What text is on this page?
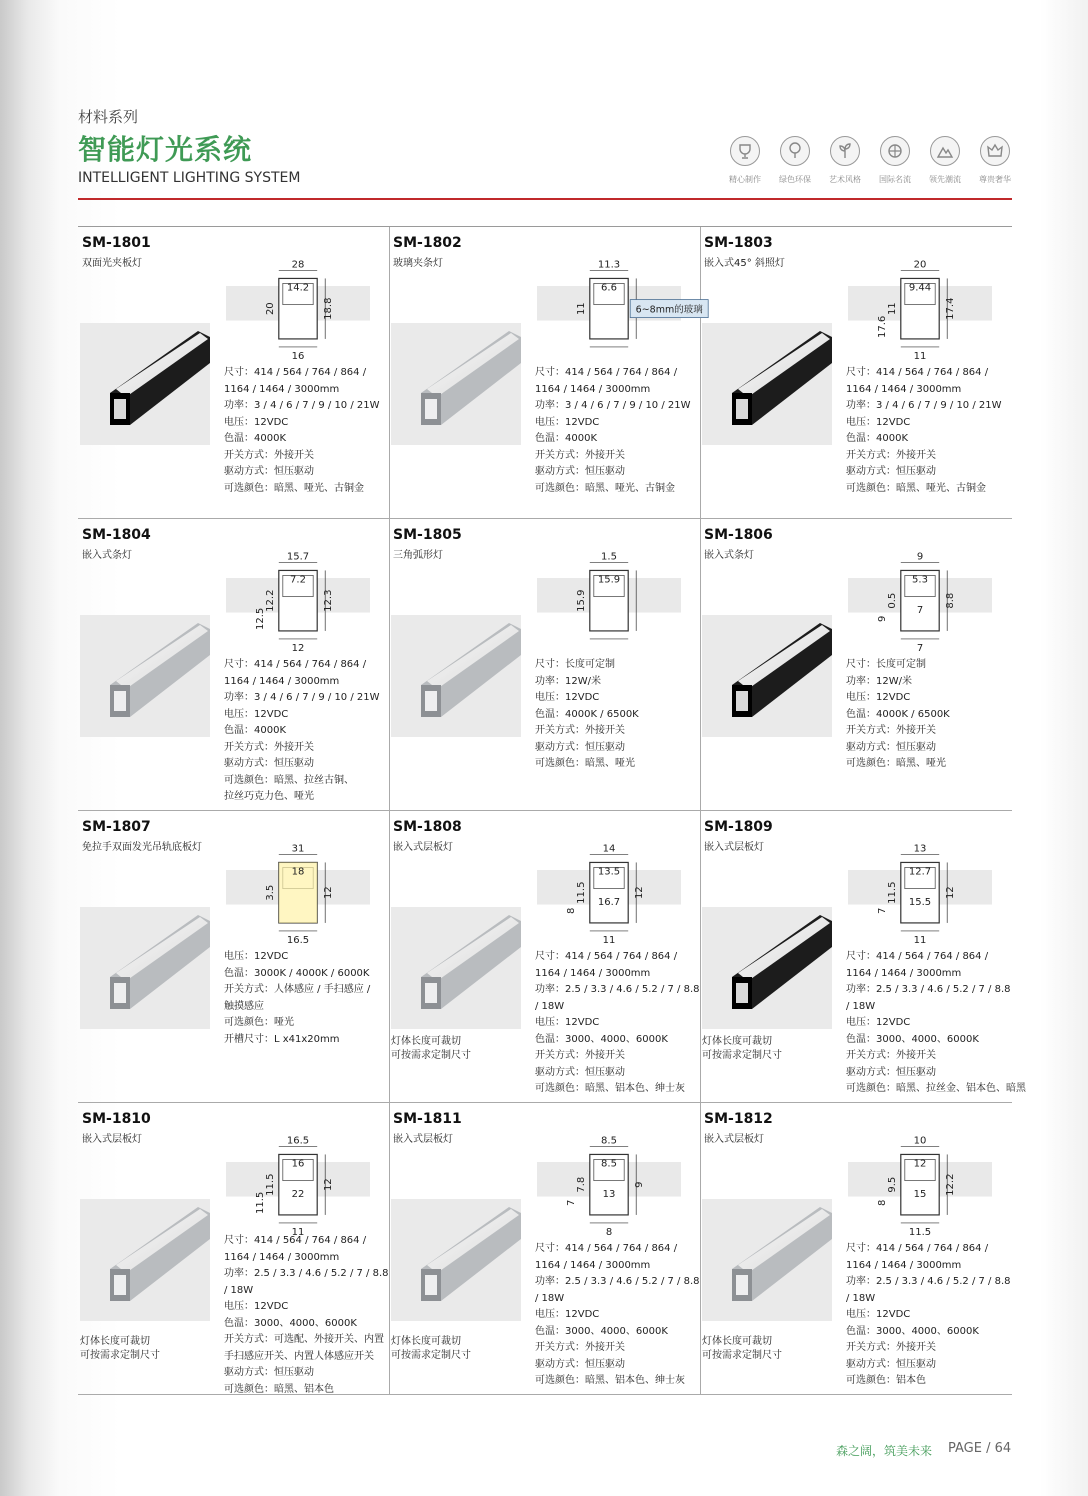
材料系列
智能灯光系统
INTELLIGENT LIGHTING SYSTEM	精心制作	绿色环保	艺术风格	国际名流	领先潮流	尊贵奢华
SM-1801
双面光夹板灯	28
14.2
20	18.8
16
尺寸：414 / 564 / 764 / 864 /
1164 / 1464 / 3000mm
功率：3 / 4 / 6 / 7 / 9 / 10 / 21W
电压：12VDC
色温：4000K
开关方式：外接开关
驱动方式：恒压驱动
可选颜色：暗黑、哑光、古铜金
SM-1802
玻璃夹条灯	11.3
6.6
11	6~8mm的玻璃
尺寸：414 / 564 / 764 / 864 /
1164 / 1464 / 3000mm
功率：3 / 4 / 6 / 7 / 9 / 10 / 21W
电压：12VDC
色温：4000K
开关方式：外接开关
驱动方式：恒压驱动
可选颜色：暗黑、哑光、古铜金
SM-1803
嵌入式45° 斜照灯	20
9.44
11	17.4
11
17.6
尺寸：414 / 564 / 764 / 864 /
1164 / 1464 / 3000mm
功率：3 / 4 / 6 / 7 / 9 / 10 / 21W
电压：12VDC
色温：4000K
开关方式：外接开关
驱动方式：恒压驱动
可选颜色：暗黑、哑光、古铜金
SM-1804
嵌入式条灯	15.7
7.2
12.2	12.3
12
12.5
尺寸：414 / 564 / 764 / 864 /
1164 / 1464 / 3000mm
功率：3 / 4 / 6 / 7 / 9 / 10 / 21W
电压：12VDC
色温：4000K
开关方式：外接开关
驱动方式：恒压驱动
可选颜色：暗黑、拉丝古铜、
拉丝巧克力色、哑光
SM-1805
三角弧形灯	1.5
15.9
15.9
尺寸：长度可定制
功率：12W/米
电压：12VDC
色温：4000K / 6500K
开关方式：外接开关
驱动方式：恒压驱动
可选颜色：暗黑、哑光
SM-1806
嵌入式条灯	9
5.3
0.5	8.8
7
9
7
尺寸：长度可定制
功率：12W/米
电压：12VDC
色温：4000K / 6500K
开关方式：外接开关
驱动方式：恒压驱动
可选颜色：暗黑、哑光
SM-1807
免拉手双面发光吊轨底板灯	31
18
3.5	12
16.5
电压：12VDC
色温：3000K / 4000K / 6000K
开关方式：人体感应 / 手扫感应 /
触摸感应
可选颜色：哑光
开槽尺寸：L x41x20mm
SM-1808
嵌入式层板灯	14
13.5
11.5	12
11
8
16.7
尺寸：414 / 564 / 764 / 864 /
1164 / 1464 / 3000mm
功率：2.5 / 3.3 / 4.6 / 5.2 / 7 / 8.8
/ 18W
电压：12VDC
色温：3000、4000、6000K
开关方式：外接开关
驱动方式：恒压驱动
可选颜色：暗黑、铝本色、绅士灰
灯体长度可裁切
可按需求定制尺寸
SM-1809
嵌入式层板灯	13
12.7
11.5	12
11
7
15.5
尺寸：414 / 564 / 764 / 864 /
1164 / 1464 / 3000mm
功率：2.5 / 3.3 / 4.6 / 5.2 / 7 / 8.8
/ 18W
电压：12VDC
色温：3000、4000、6000K
开关方式：外接开关
驱动方式：恒压驱动
可选颜色：暗黑、拉丝金、铝本色、暗黑
灯体长度可裁切
可按需求定制尺寸
SM-1810
嵌入式层板灯	16.5
16
11.5	12
11
11.5	22
尺寸：414 / 564 / 764 / 864 /
1164 / 1464 / 3000mm
功率：2.5 / 3.3 / 4.6 / 5.2 / 7 / 8.8
/ 18W
电压：12VDC
色温：3000、4000、6000K
开关方式：可选配、外接开关、内置
手扫感应开关、内置人体感应开关
驱动方式：恒压驱动
可选颜色：暗黑、铝本色
灯体长度可裁切
可按需求定制尺寸
SM-1811
嵌入式层板灯	8.5
8.5
7.8	9
8
7
13
尺寸：414 / 564 / 764 / 864 /
1164 / 1464 / 3000mm
功率：2.5 / 3.3 / 4.6 / 5.2 / 7 / 8.8
/ 18W
电压：12VDC
色温：3000、4000、6000K
开关方式：外接开关
驱动方式：恒压驱动
可选颜色：暗黑、铝本色、绅士灰
灯体长度可裁切
可按需求定制尺寸
SM-1812
嵌入式层板灯	10
12
9.5	12.2
11.5
8
15
尺寸：414 / 564 / 764 / 864 /
1164 / 1464 / 3000mm
功率：2.5 / 3.3 / 4.6 / 5.2 / 7 / 8.8
/ 18W
电压：12VDC
色温：3000、4000、6000K
开关方式：外接开关
驱动方式：恒压驱动
可选颜色：铝本色
灯体长度可裁切
可按需求定制尺寸
森之阔，筑美未来 PAGE / 64
